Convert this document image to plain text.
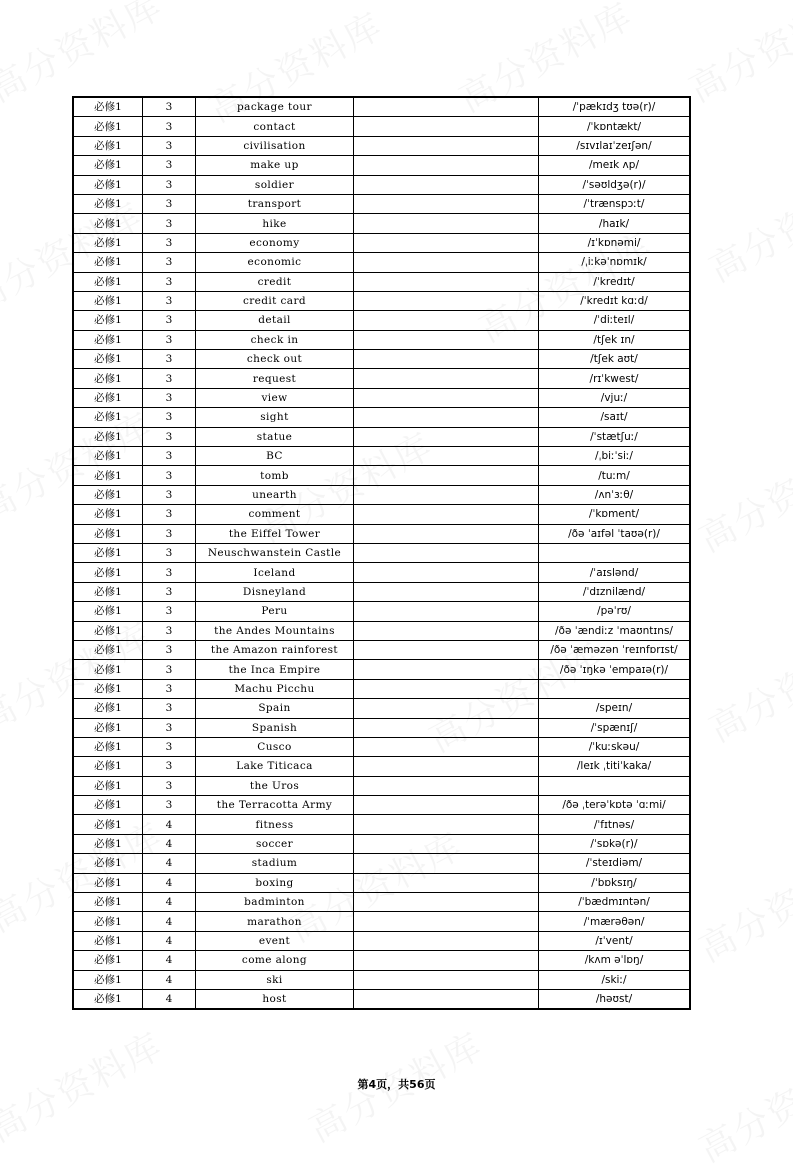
必修1	3	package tour		/ˈpækɪdʒ tʊə(r)/
必修1	3	contact		/ˈkɒntækt/
必修1	3	civilisation		/sɪvɪlaɪˈzeɪʃən/
必修1	3	make up		/meɪk ʌp/
必修1	3	soldier		/ˈsəʊldʒə(r)/
必修1	3	transport		/ˈtrænspɔːt/
必修1	3	hike		/haɪk/
必修1	3	economy		/ɪˈkɒnəmi/
必修1	3	economic		/ˌiːkəˈnɒmɪk/
必修1	3	credit		/ˈkredɪt/
必修1	3	credit card		/ˈkredɪt kɑːd/
必修1	3	detail		/ˈdiːteɪl/
必修1	3	check in		/tʃek ɪn/
必修1	3	check out		/tʃek aʊt/
必修1	3	request		/rɪˈkwest/
必修1	3	view		/vjuː/
必修1	3	sight		/saɪt/
必修1	3	statue		/ˈstætʃuː/
必修1	3	BC		/ˌbiːˈsiː/
必修1	3	tomb		/tuːm/
必修1	3	unearth		/ʌnˈɜːθ/
必修1	3	comment		/ˈkɒment/
必修1	3	the Eiffel Tower		/ðə ˈaɪfəl ˈtaʊə(r)/
必修1	3	Neuschwanstein Castle		
必修1	3	Iceland		/ˈaɪslənd/
必修1	3	Disneyland		/ˈdɪznilænd/
必修1	3	Peru		/pəˈrʊ/
必修1	3	the Andes Mountains		/ðə ˈændiːz ˈmaʊntɪns/
必修1	3	the Amazon rainforest		/ðə ˈæməzən ˈreɪnfɒrɪst/
必修1	3	the Inca Empire		/ðə ˈɪŋkə ˈempaɪə(r)/
必修1	3	Machu Picchu		
必修1	3	Spain		/speɪn/
必修1	3	Spanish		/ˈspænɪʃ/
必修1	3	Cusco		/ˈkuːskəu/
必修1	3	Lake Titicaca		/leɪk ˌtitiˈkaka/
必修1	3	the Uros		
必修1	3	the Terracotta Army		/ðə ˌterəˈkɒtə ˈɑːmi/
必修1	4	fitness		/ˈfɪtnəs/
必修1	4	soccer		/ˈsɒkə(r)/
必修1	4	stadium		/ˈsteɪdiəm/
必修1	4	boxing		/ˈbɒksɪŋ/
必修1	4	badminton		/ˈbædmɪntən/
必修1	4	marathon		/ˈmærəθən/
必修1	4	event		/ɪˈvent/
必修1	4	come along		/kʌm əˈlɒŋ/
必修1	4	ski		/skiː/
必修1	4	host		/həʊst/
第4页，共56页
